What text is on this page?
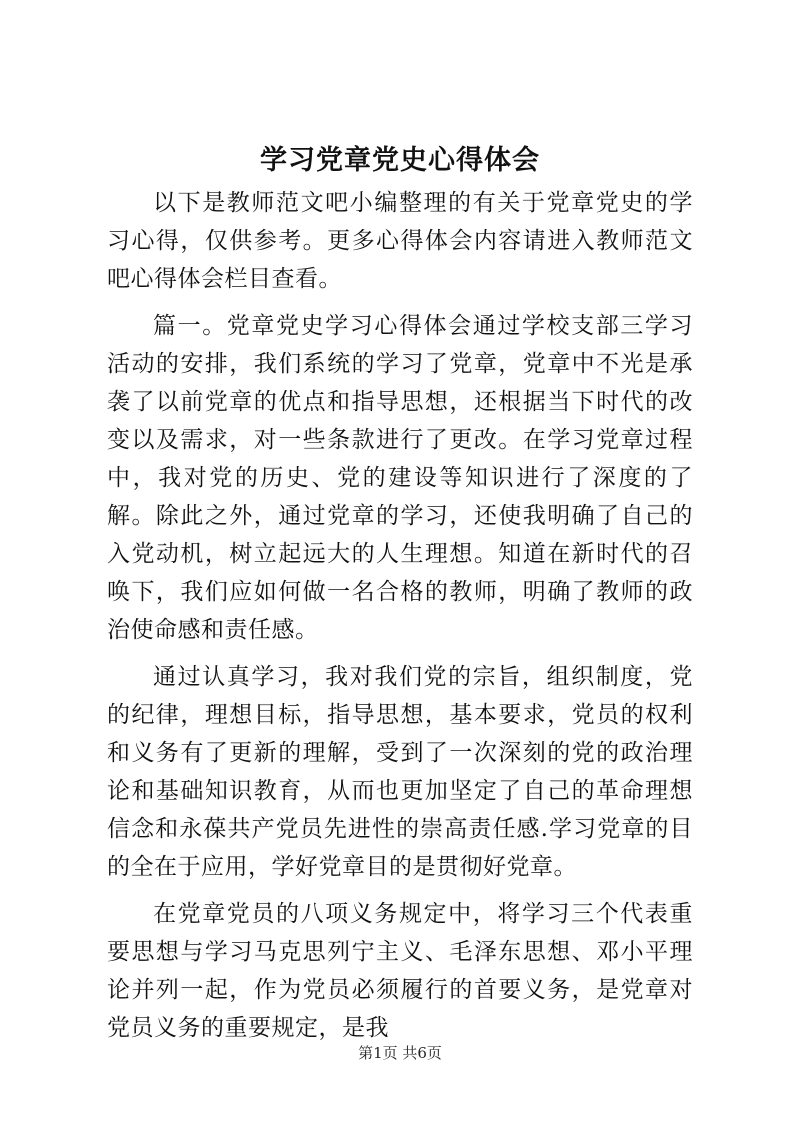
学习党章党史心得体会

以下是教师范文吧小编整理的有关于党章党史的学习心得，仅供参考。更多心得体会内容请进入教师范文吧心得体会栏目查看。

篇一。党章党史学习心得体会通过学校支部三学习活动的安排，我们系统的学习了党章，党章中不光是承袭了以前党章的优点和指导思想，还根据当下时代的改变以及需求，对一些条款进行了更改。在学习党章过程中，我对党的历史、党的建设等知识进行了深度的了解。除此之外，通过党章的学习，还使我明确了自己的入党动机，树立起远大的人生理想。知道在新时代的召唤下，我们应如何做一名合格的教师，明确了教师的政治使命感和责任感。

通过认真学习，我对我们党的宗旨，组织制度，党的纪律，理想目标，指导思想，基本要求，党员的权利和义务有了更新的理解，受到了一次深刻的党的政治理论和基础知识教育，从而也更加坚定了自己的革命理想信念和永葆共产党员先进性的崇高责任感.学习党章的目的全在于应用，学好党章目的是贯彻好党章。

在党章党员的八项义务规定中，将学习三个代表重要思想与学习马克思列宁主义、毛泽东思想、邓小平理论并列一起，作为党员必须履行的首要义务，是党章对党员义务的重要规定，是我

第1页 共6页
